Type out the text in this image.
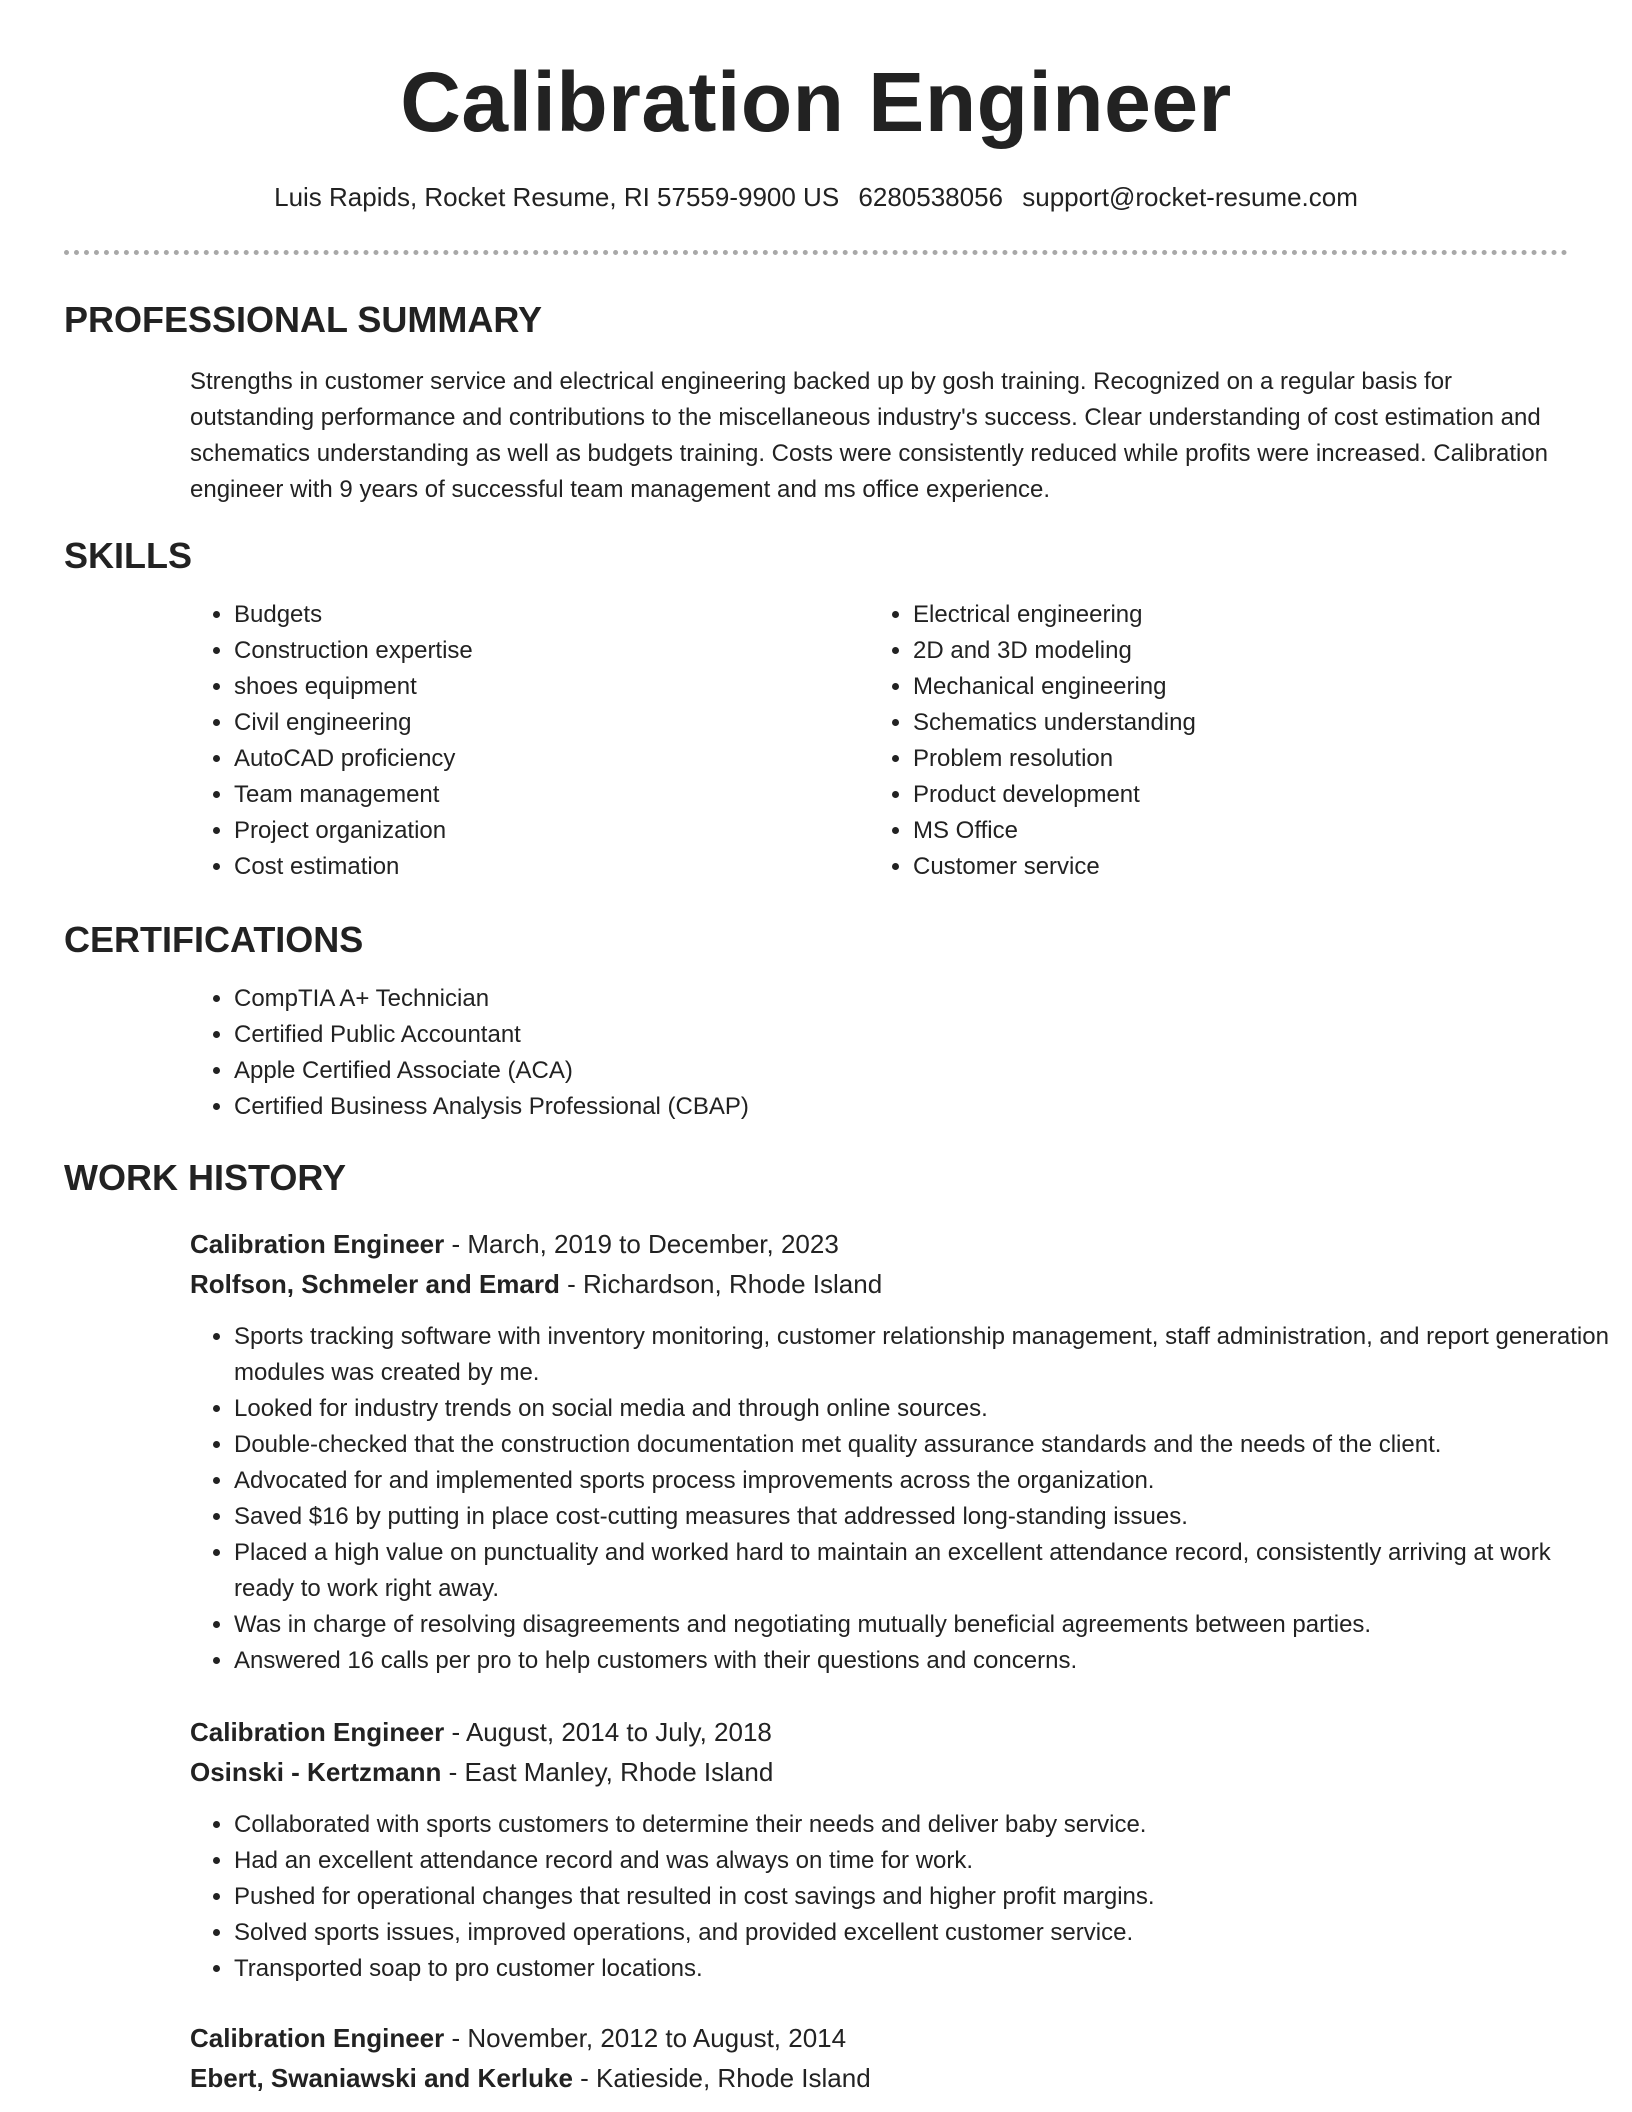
Calibration Engineer
Luis Rapids, Rocket Resume, RI 57559-9900 US 6280538056 support@rocket-resume.com
PROFESSIONAL SUMMARY

Strengths in customer service and electrical engineering backed up by gosh training. Recognized on a regular basis for outstanding performance and contributions to the miscellaneous industry's success. Clear understanding of cost estimation and schematics understanding as well as budgets training. Costs were consistently reduced while profits were increased. Calibration engineer with 9 years of successful team management and ms office experience.

SKILLS
• Budgets
• Construction expertise
• shoes equipment
• Civil engineering
• AutoCAD proficiency
• Team management
• Project organization
• Cost estimation
• Electrical engineering
• 2D and 3D modeling
• Mechanical engineering
• Schematics understanding
• Problem resolution
• Product development
• MS Office
• Customer service
CERTIFICATIONS
• CompTIA A+ Technician
• Certified Public Accountant
• Apple Certified Associate (ACA)
• Certified Business Analysis Professional (CBAP)
WORK HISTORY
Calibration Engineer - March, 2019 to December, 2023
Rolfson, Schmeler and Emard - Richardson, Rhode Island
• Sports tracking software with inventory monitoring, customer relationship management, staff administration, and report generation modules was created by me.
• Looked for industry trends on social media and through online sources.
• Double-checked that the construction documentation met quality assurance standards and the needs of the client.
• Advocated for and implemented sports process improvements across the organization.
• Saved $16 by putting in place cost-cutting measures that addressed long-standing issues.
• Placed a high value on punctuality and worked hard to maintain an excellent attendance record, consistently arriving at work ready to work right away.
• Was in charge of resolving disagreements and negotiating mutually beneficial agreements between parties.
• Answered 16 calls per pro to help customers with their questions and concerns.
Calibration Engineer - August, 2014 to July, 2018
Osinski - Kertzmann - East Manley, Rhode Island
• Collaborated with sports customers to determine their needs and deliver baby service.
• Had an excellent attendance record and was always on time for work.
• Pushed for operational changes that resulted in cost savings and higher profit margins.
• Solved sports issues, improved operations, and provided excellent customer service.
• Transported soap to pro customer locations.
Calibration Engineer - November, 2012 to August, 2014
Ebert, Swaniawski and Kerluke - Katieside, Rhode Island
